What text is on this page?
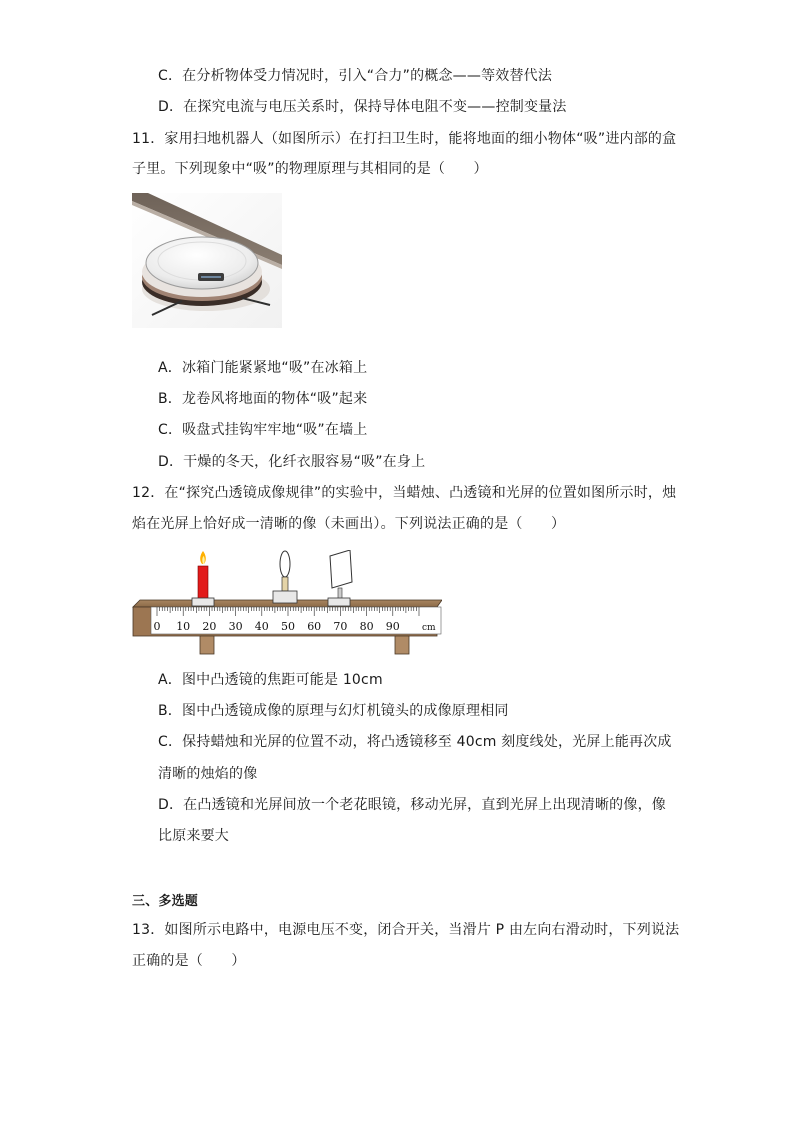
C．在分析物体受力情况时，引入“合力”的概念——等效替代法
D．在探究电流与电压关系时，保持导体电阻不变——控制变量法
11．家用扫地机器人（如图所示）在打扫卫生时，能将地面的细小物体“吸”进内部的盒
子里。下列现象中“吸”的物理原理与其相同的是（　　）
A．冰箱门能紧紧地“吸”在冰箱上
B．龙卷风将地面的物体“吸”起来
C．吸盘式挂钩牢牢地“吸”在墙上
D．干燥的冬天，化纤衣服容易“吸”在身上
12．在“探究凸透镜成像规律”的实验中，当蜡烛、凸透镜和光屏的位置如图所示时，烛
焰在光屏上恰好成一清晰的像（未画出）。下列说法正确的是（　　）
0 10 20 30 40 50 60 70 80 90 cm
A．图中凸透镜的焦距可能是 10cm
B．图中凸透镜成像的原理与幻灯机镜头的成像原理相同
C．保持蜡烛和光屏的位置不动，将凸透镜移至 40cm 刻度线处，光屏上能再次成
清晰的烛焰的像
D．在凸透镜和光屏间放一个老花眼镜，移动光屏，直到光屏上出现清晰的像，像
比原来要大
三、多选题
13．如图所示电路中，电源电压不变，闭合开关，当滑片 P 由左向右滑动时，下列说法
正确的是（　　）
